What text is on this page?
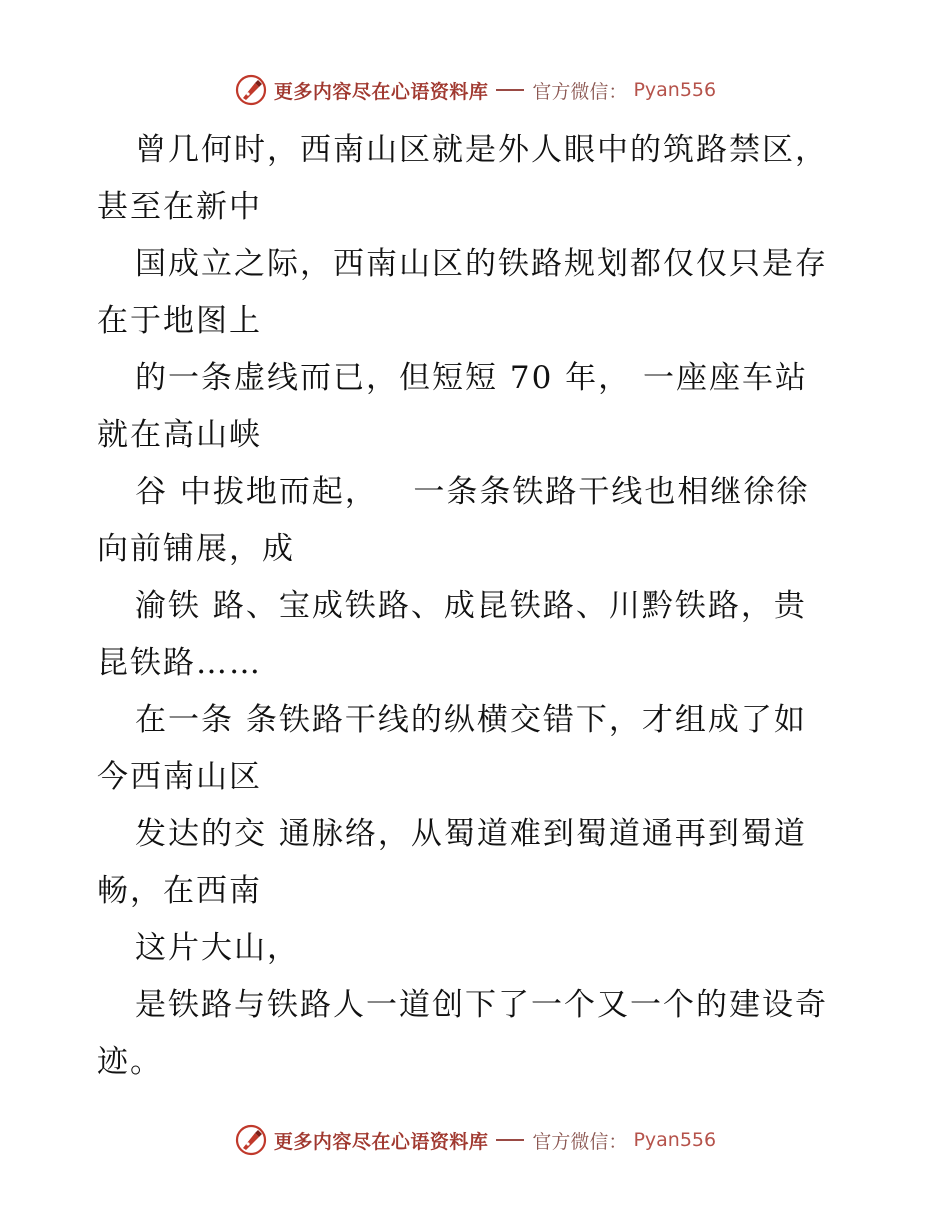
更多内容尽在心语资料库 官方微信： Pyan556
曾几何时，西南山区就是外人眼中的筑路禁区，
甚至在新中
国成立之际，西南山区的铁路规划都仅仅只是存
在于地图上
的一条虚线而已，但短短 70 年， 一座座车站
就在高山峡
谷 中拔地而起，   一条条铁路干线也相继徐徐
向前铺展，成
渝铁 路、宝成铁路、成昆铁路、川黔铁路，贵
昆铁路……
在一条 条铁路干线的纵横交错下，才组成了如
今西南山区
发达的交 通脉络，从蜀道难到蜀道通再到蜀道
畅，在西南
这片大山，
是铁路与铁路人一道创下了一个又一个的建设奇
迹。
更多内容尽在心语资料库 官方微信： Pyan556
